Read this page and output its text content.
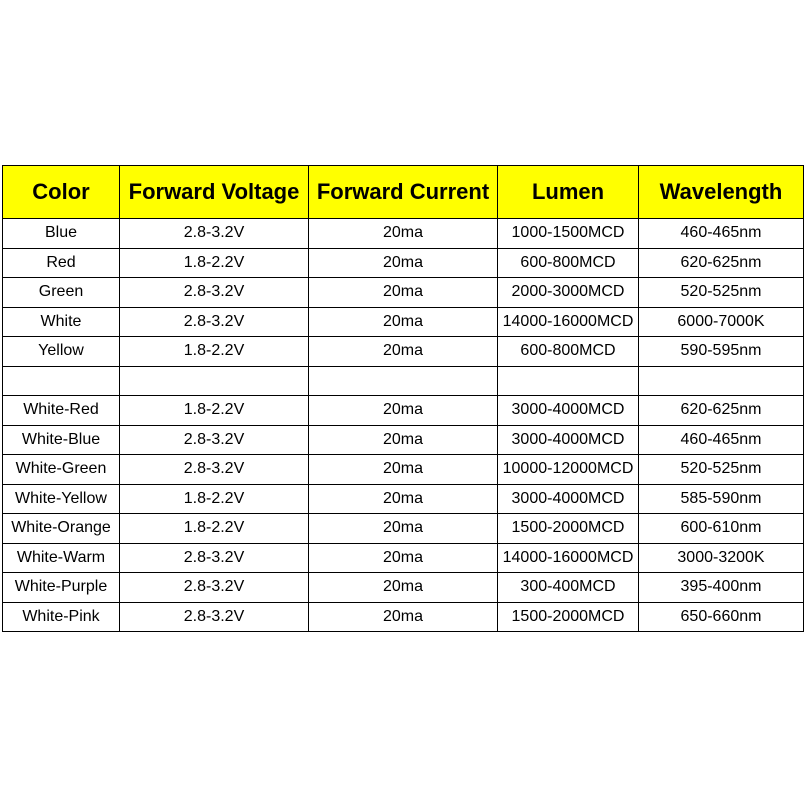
Color	Forward Voltage	Forward Current	Lumen	Wavelength
Blue	2.8-3.2V	20ma	1000-1500MCD	460-465nm
Red	1.8-2.2V	20ma	600-800MCD	620-625nm
Green	2.8-3.2V	20ma	2000-3000MCD	520-525nm
White	2.8-3.2V	20ma	14000-16000MCD	6000-7000K
Yellow	1.8-2.2V	20ma	600-800MCD	590-595nm

White-Red	1.8-2.2V	20ma	3000-4000MCD	620-625nm
White-Blue	2.8-3.2V	20ma	3000-4000MCD	460-465nm
White-Green	2.8-3.2V	20ma	10000-12000MCD	520-525nm
White-Yellow	1.8-2.2V	20ma	3000-4000MCD	585-590nm
White-Orange	1.8-2.2V	20ma	1500-2000MCD	600-610nm
White-Warm	2.8-3.2V	20ma	14000-16000MCD	3000-3200K
White-Purple	2.8-3.2V	20ma	300-400MCD	395-400nm
White-Pink	2.8-3.2V	20ma	1500-2000MCD	650-660nm
